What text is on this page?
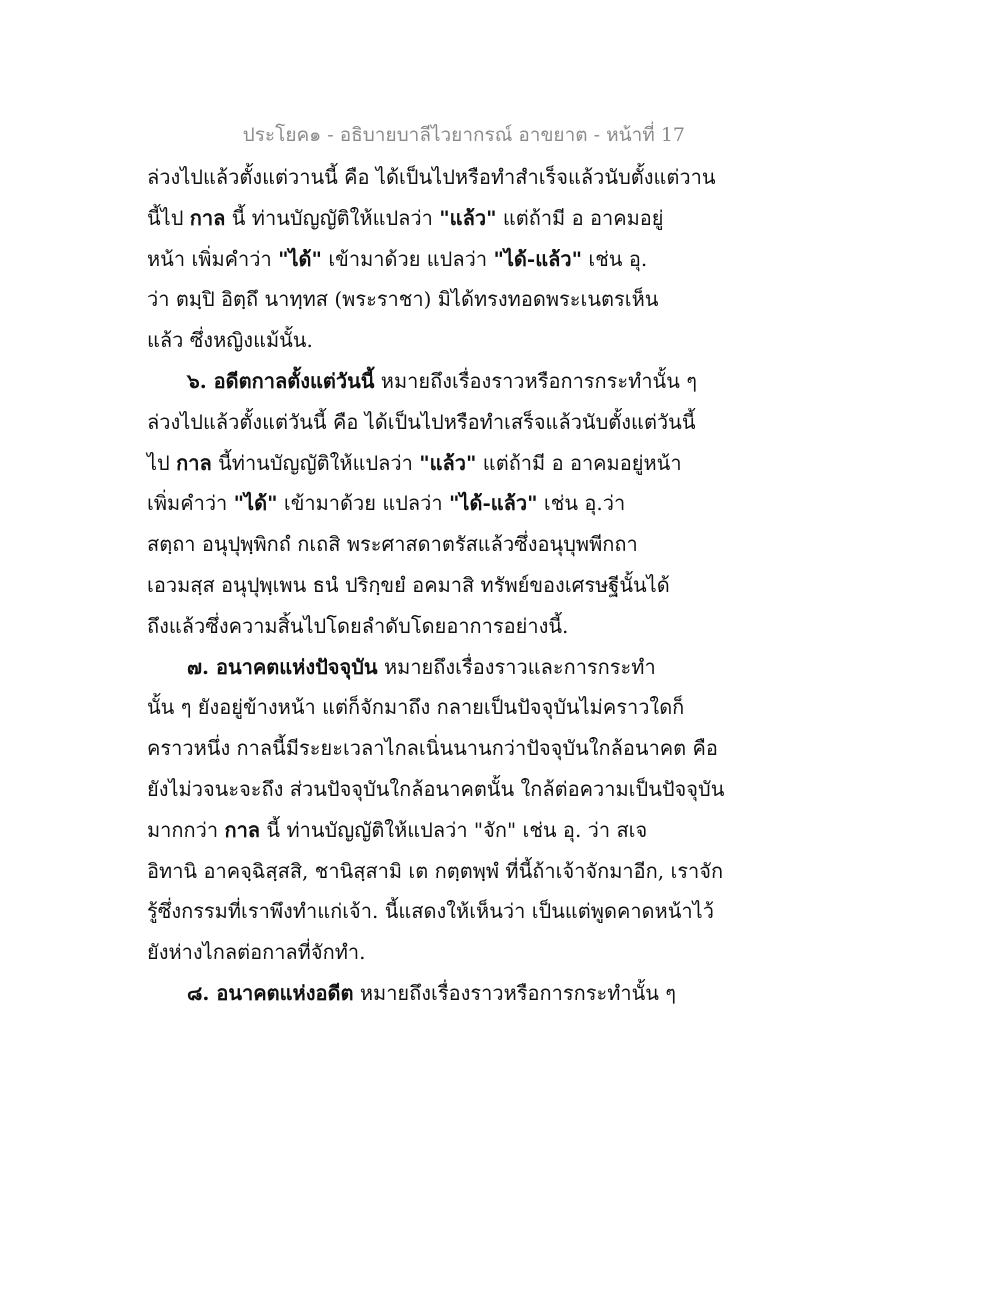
ประโยค๑ - อธิบายบาลีไวยากรณ์ อาขยาต - หน้าที่ 17
ล่วงไปแล้วตั้งแต่วานนี้ คือ ได้เป็นไปหรือทำสำเร็จแล้วนับตั้งแต่วาน
นี้ไป กาล นี้ ท่านบัญญัติให้แปลว่า "แล้ว" แต่ถ้ามี อ อาคมอยู่
หน้า เพิ่มคำว่า "ได้" เข้ามาด้วย แปลว่า "ได้-แล้ว" เช่น อุ.
ว่า ตมฺปิ อิตฺถึ นาทฺทส (พระราชา) มิได้ทรงทอดพระเนตรเห็น
แล้ว ซึ่งหญิงแม้นั้น.
๖. อดีตกาลตั้งแต่วันนี้ หมายถึงเรื่องราวหรือการกระทำนั้น ๆ
ล่วงไปแล้วตั้งแต่วันนี้ คือ ได้เป็นไปหรือทำเสร็จแล้วนับตั้งแต่วันนี้
ไป กาล นี้ท่านบัญญัติให้แปลว่า "แล้ว" แต่ถ้ามี อ อาคมอยู่หน้า
เพิ่มคำว่า "ได้" เข้ามาด้วย แปลว่า "ได้-แล้ว" เช่น อุ.ว่า
สตฺถา อนุปุพฺพิกถํ กเถสิ พระศาสดาตรัสแล้วซึ่งอนุบุพพีกถา
เอวมสฺส อนุปุพฺเพน ธนํ ปริกฺขยํ อคมาสิ ทรัพย์ของเศรษฐีนั้นได้
ถึงแล้วซึ่งความสิ้นไปโดยลำดับโดยอาการอย่างนี้.
๗. อนาคตแห่งปัจจุบัน หมายถึงเรื่องราวและการกระทำ
นั้น ๆ ยังอยู่ข้างหน้า แต่ก็จักมาถึง กลายเป็นปัจจุบันไม่คราวใดก็
คราวหนึ่ง กาลนี้มีระยะเวลาไกลเนิ่นนานกว่าปัจจุบันใกล้อนาคต คือ
ยังไม่วจนะจะถึง ส่วนปัจจุบันใกล้อนาคตนั้น ใกล้ต่อความเป็นปัจจุบัน
มากกว่า กาล นี้ ท่านบัญญัติให้แปลว่า "จัก" เช่น อุ. ว่า สเจ
อิทานิ อาคจฺฉิสฺสสิ, ชานิสฺสามิ เต กตฺตพฺพํ ที่นี้ถ้าเจ้าจักมาอีก, เราจัก
รู้ซึ่งกรรมที่เราพึงทำแก่เจ้า. นี้แสดงให้เห็นว่า เป็นแต่พูดคาดหน้าไว้
ยังห่างไกลต่อกาลที่จักทำ.
๘. อนาคตแห่งอดีต หมายถึงเรื่องราวหรือการกระทำนั้น ๆ
